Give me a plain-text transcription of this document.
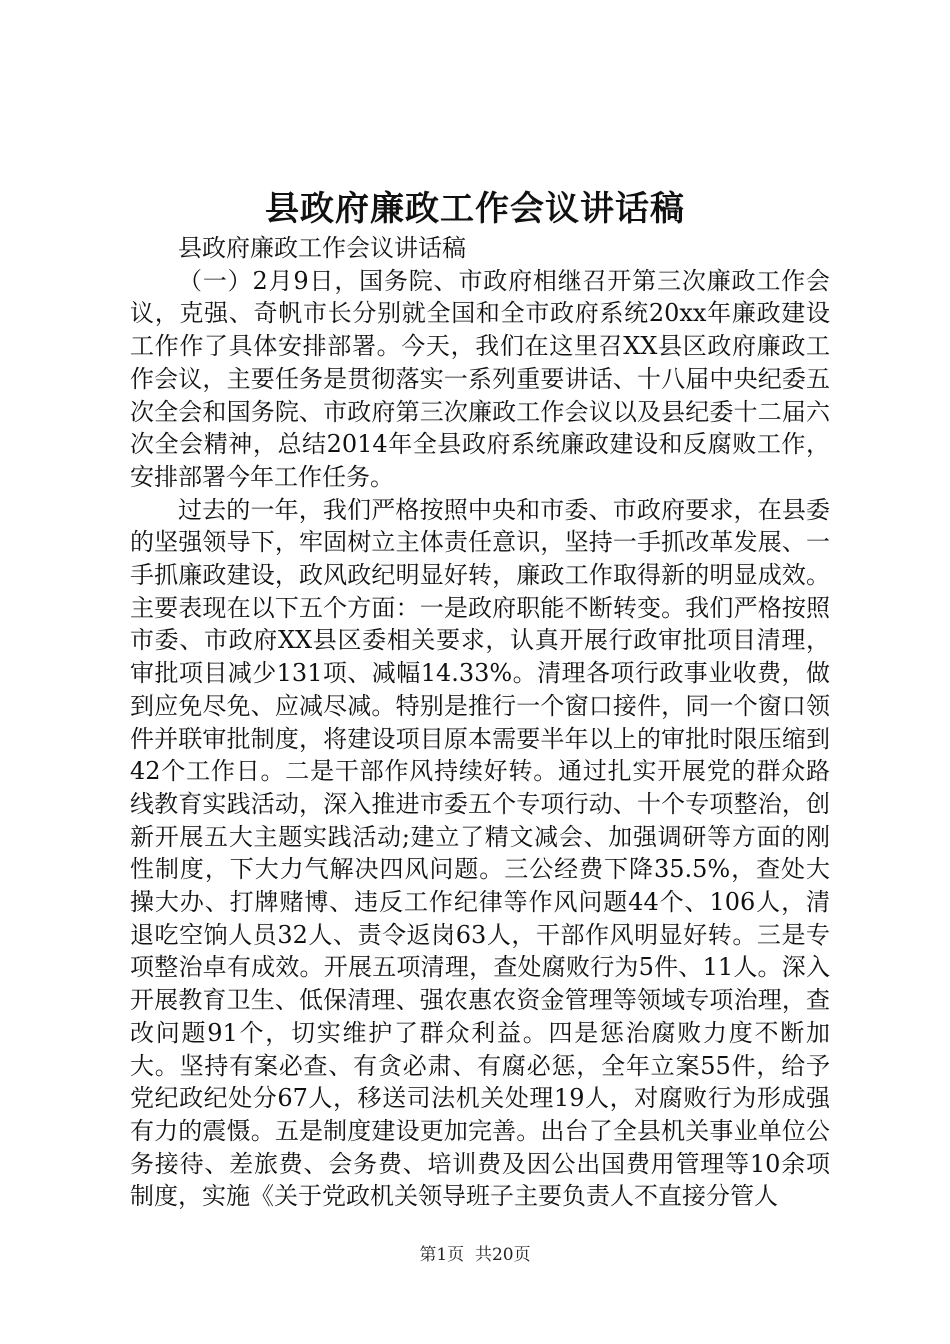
县政府廉政工作会议讲话稿

县政府廉政工作会议讲话稿

（一）2月9日，国务院、市政府相继召开第三次廉政工作会议，克强、奇帆市长分别就全国和全市政府系统20xx年廉政建设工作作了具体安排部署。今天，我们在这里召XX县区政府廉政工作会议，主要任务是贯彻落实一系列重要讲话、十八届中央纪委五次全会和国务院、市政府第三次廉政工作会议以及县纪委十二届六次全会精神，总结2014年全县政府系统廉政建设和反腐败工作，安排部署今年工作任务。

过去的一年，我们严格按照中央和市委、市政府要求，在县委的坚强领导下，牢固树立主体责任意识，坚持一手抓改革发展、一手抓廉政建设，政风政纪明显好转，廉政工作取得新的明显成效。主要表现在以下五个方面：一是政府职能不断转变。我们严格按照市委、市政府XX县区委相关要求，认真开展行政审批项目清理，审批项目减少131项、减幅14.33%。清理各项行政事业收费，做到应免尽免、应减尽减。特别是推行一个窗口接件，同一个窗口领件并联审批制度，将建设项目原本需要半年以上的审批时限压缩到42个工作日。二是干部作风持续好转。通过扎实开展党的群众路线教育实践活动，深入推进市委五个专项行动、十个专项整治，创新开展五大主题实践活动;建立了精文减会、加强调研等方面的刚性制度，下大力气解决四风问题。三公经费下降35.5%，查处大操大办、打牌赌博、违反工作纪律等作风问题44个、106人，清退吃空饷人员32人、责令返岗63人，干部作风明显好转。三是专项整治卓有成效。开展五项清理，查处腐败行为5件、11人。深入开展教育卫生、低保清理、强农惠农资金管理等领域专项治理，查改问题91个，切实维护了群众利益。四是惩治腐败力度不断加大。坚持有案必查、有贪必肃、有腐必惩，全年立案55件，给予党纪政纪处分67人，移送司法机关处理19人，对腐败行为形成强有力的震慑。五是制度建设更加完善。出台了全县机关事业单位公务接待、差旅费、会务费、培训费及因公出国费用管理等10余项制度，实施《关于党政机关领导班子主要负责人不直接分管人

第1页  共20页
